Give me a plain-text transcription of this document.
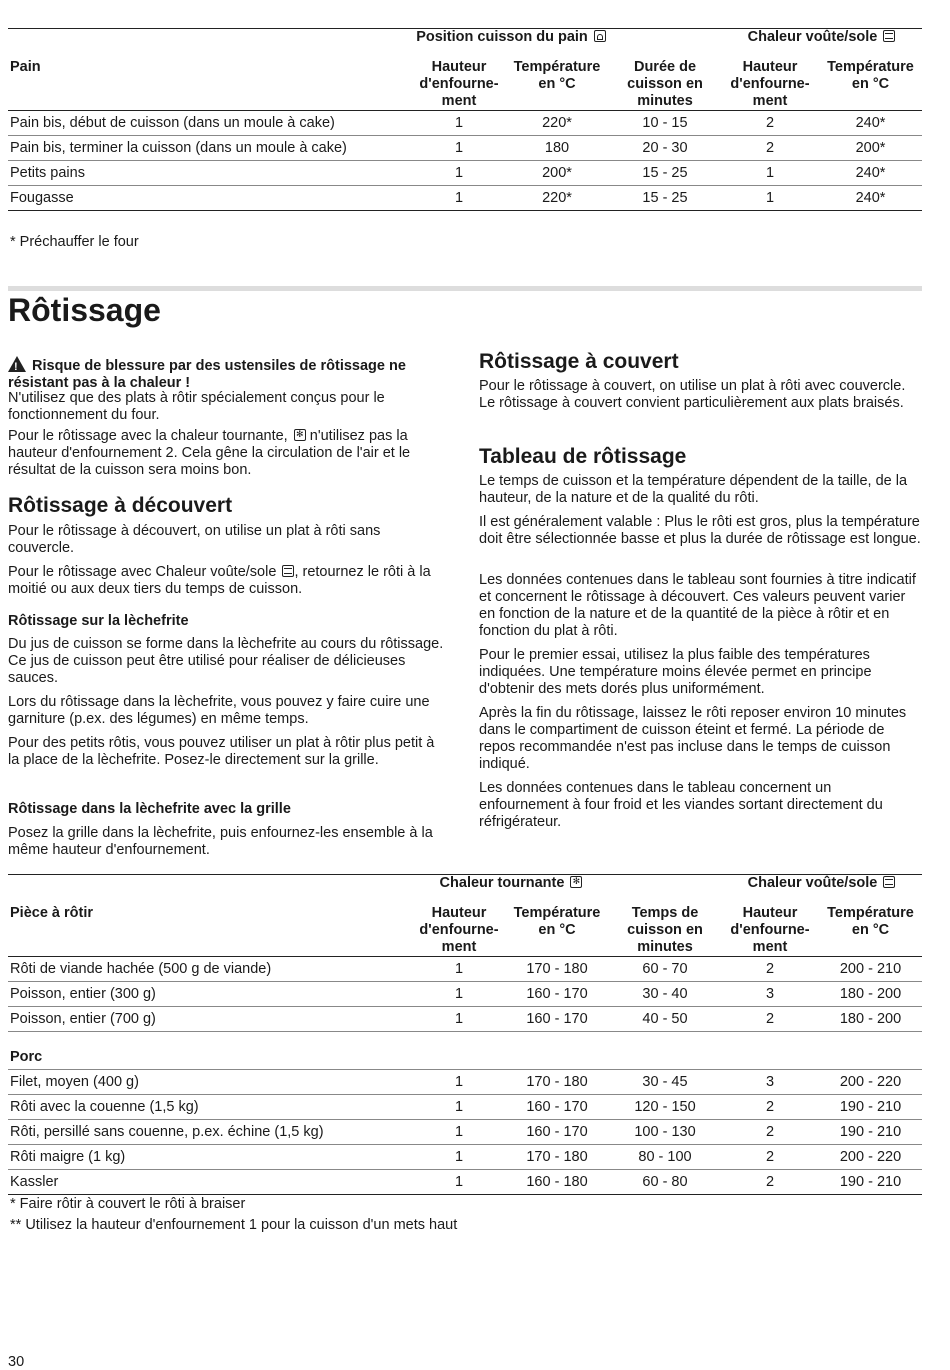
	Position cuisson du pain			Chaleur voûte/sole	
Pain	Hauteur d'enfourne-ment	Température en °C	Durée de cuisson en minutes	Hauteur d'enfourne-ment	Température en °C
Pain bis, début de cuisson (dans un moule à cake)	1	220*	10 - 15	2	240*
Pain bis, terminer la cuisson (dans un moule à cake)	1	180	20 - 30	2	200*
Petits pains	1	200*	15 - 25	1	240*
Fougasse	1	220*	15 - 25	1	240*
* Préchauffer le four
Rôtissage

!Risque de blessure par des ustensiles de rôtissage ne résistant pas à la chaleur !

N'utilisez que des plats à rôtir spécialement conçus pour le fonctionnement du four.

Pour le rôtissage avec la chaleur tournante, ✻ n'utilisez pas la hauteur d'enfournement 2. Cela gêne la circulation de l'air et le résultat de la cuisson sera moins bon.

Rôtissage à découvert

Pour le rôtissage à découvert, on utilise un plat à rôti sans couvercle.

Pour le rôtissage avec Chaleur voûte/sole , retournez le rôti à la moitié ou aux deux tiers du temps de cuisson.

Rôtissage sur la lèchefrite

Du jus de cuisson se forme dans la lèchefrite au cours du rôtissage. Ce jus de cuisson peut être utilisé pour réaliser de délicieuses sauces.

Lors du rôtissage dans la lèchefrite, vous pouvez y faire cuire une garniture (p.ex. des légumes) en même temps.

Pour des petits rôtis, vous pouvez utiliser un plat à rôtir plus petit à la place de la lèchefrite. Posez-le directement sur la grille.

Rôtissage dans la lèchefrite avec la grille

Posez la grille dans la lèchefrite, puis enfournez-les ensemble à la même hauteur d'enfournement.

Rôtissage à couvert

Pour le rôtissage à couvert, on utilise un plat à rôti avec couvercle. Le rôtissage à couvert convient particulièrement aux plats braisés.

Tableau de rôtissage

Le temps de cuisson et la température dépendent de la taille, de la hauteur, de la nature et de la qualité du rôti.

Il est généralement valable : Plus le rôti est gros, plus la température doit être sélectionnée basse et plus la durée de rôtissage est longue.

Les données contenues dans le tableau sont fournies à titre indicatif et concernent le rôtissage à découvert. Ces valeurs peuvent varier en fonction de la nature et de la quantité de la pièce à rôtir et en fonction du plat à rôti.

Pour le premier essai, utilisez la plus faible des températures indiquées. Une température moins élevée permet en principe d'obtenir des mets dorés plus uniformément.

Après la fin du rôtissage, laissez le rôti reposer environ 10 minutes dans le compartiment de cuisson éteint et fermé. La période de repos recommandée n'est pas incluse dans le temps de cuisson indiqué.

Les données contenues dans le tableau concernent un enfournement à four froid et les viandes sortant directement du réfrigérateur.

	Chaleur tournante ✻			Chaleur voûte/sole	
Pièce à rôtir	Hauteur d'enfourne-ment	Température en °C	Temps de cuisson en minutes	Hauteur d'enfourne-ment	Température en °C
Rôti de viande hachée (500 g de viande)	1	170 - 180	60 - 70	2	200 - 210
Poisson, entier (300 g)	1	160 - 170	30 - 40	3	180 - 200
Poisson, entier (700 g)	1	160 - 170	40 - 50	2	180 - 200
Porc					
Filet, moyen (400 g)	1	170 - 180	30 - 45	3	200 - 220
Rôti avec la couenne (1,5 kg)	1	160 - 170	120 - 150	2	190 - 210
Rôti, persillé sans couenne, p.ex. échine (1,5 kg)	1	160 - 170	100 - 130	2	190 - 210
Rôti maigre (1 kg)	1	170 - 180	80 - 100	2	200 - 220
Kassler	1	160 - 180	60 - 80	2	190 - 210
* Faire rôtir à couvert le rôti à braiser
** Utilisez la hauteur d'enfournement 1 pour la cuisson d'un mets haut
30
